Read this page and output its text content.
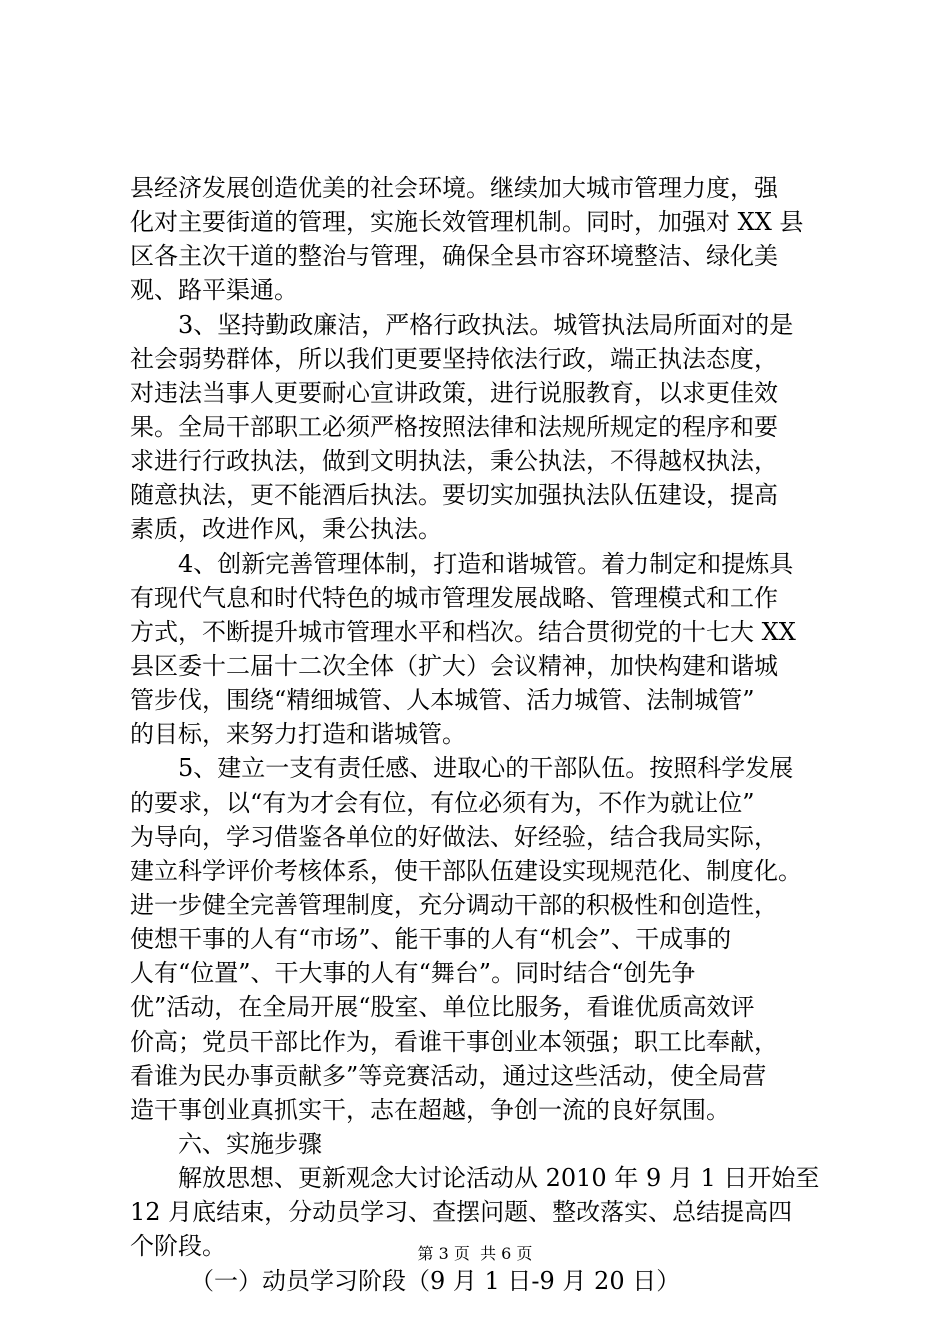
县经济发展创造优美的社会环境。继续加大城市管理力度，强
化对主要街道的管理，实施长效管理机制。同时，加强对 XX 县
区各主次干道的整治与管理，确保全县市容环境整洁、绿化美
观、路平渠通。
3、坚持勤政廉洁，严格行政执法。城管执法局所面对的是
社会弱势群体，所以我们更要坚持依法行政，端正执法态度，
对违法当事人更要耐心宣讲政策，进行说服教育，以求更佳效
果。全局干部职工必须严格按照法律和法规所规定的程序和要
求进行行政执法，做到文明执法，秉公执法，不得越权执法，
随意执法，更不能酒后执法。要切实加强执法队伍建设，提高
素质，改进作风，秉公执法。
4、创新完善管理体制，打造和谐城管。着力制定和提炼具
有现代气息和时代特色的城市管理发展战略、管理模式和工作
方式，不断提升城市管理水平和档次。结合贯彻党的十七大 XX
县区委十二届十二次全体（扩大）会议精神，加快构建和谐城
管步伐，围绕“精细城管、人本城管、活力城管、法制城管”
的目标，来努力打造和谐城管。
5、建立一支有责任感、进取心的干部队伍。按照科学发展
的要求，以“有为才会有位，有位必须有为，不作为就让位”
为导向，学习借鉴各单位的好做法、好经验，结合我局实际，
建立科学评价考核体系，使干部队伍建设实现规范化、制度化。
进一步健全完善管理制度，充分调动干部的积极性和创造性，
使想干事的人有“市场”、能干事的人有“机会”、干成事的
人有“位置”、干大事的人有“舞台”。同时结合“创先争
优”活动，在全局开展“股室、单位比服务，看谁优质高效评
价高；党员干部比作为，看谁干事创业本领强；职工比奉献，
看谁为民办事贡献多”等竞赛活动，通过这些活动，使全局营
造干事创业真抓实干，志在超越，争创一流的良好氛围。
六、实施步骤
解放思想、更新观念大讨论活动从 2010 年 9 月 1 日开始至
12 月底结束，分动员学习、查摆问题、整改落实、总结提高四
个阶段。
（一）动员学习阶段（9 月 1 日-9 月 20 日）
第 3 页  共 6 页
